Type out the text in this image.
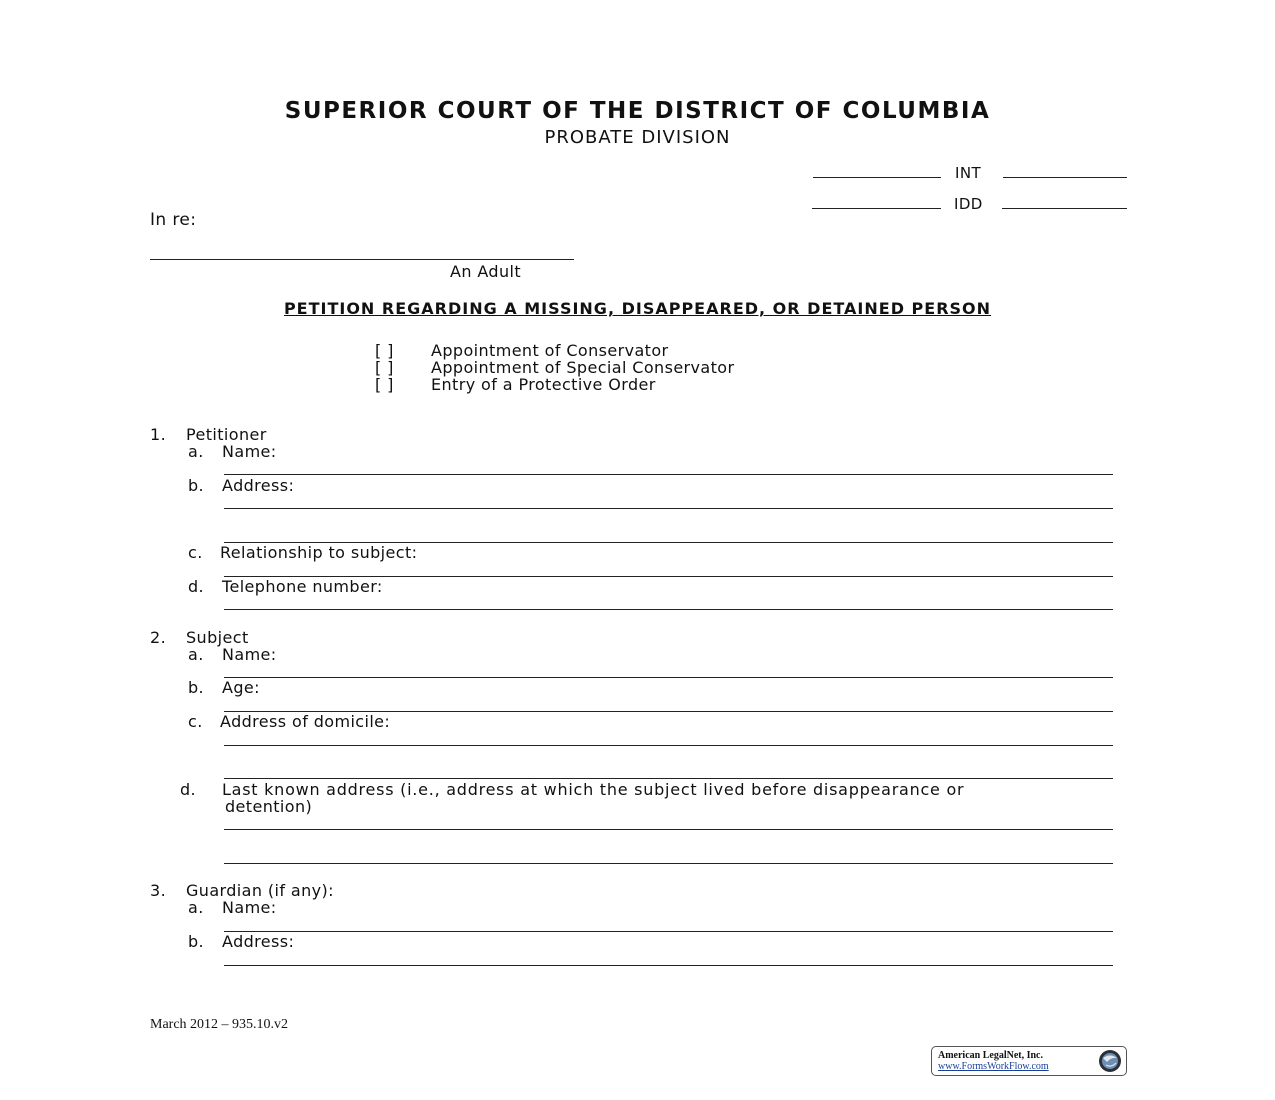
SUPERIOR COURT OF THE DISTRICT OF COLUMBIA
PROBATE DIVISION
INT
IDD
In re:
An Adult
PETITION REGARDING A MISSING, DISAPPEARED, OR DETAINED PERSON
[ ] Appointment of Conservator
[ ] Appointment of Special Conservator
[ ] Entry of a Protective Order
1. Petitioner
a. Name:
b. Address:
c. Relationship to subject:
d. Telephone number:
2. Subject
a. Name:
b. Age:
c. Address of domicile:
d. Last known address (i.e., address at which the subject lived before disappearance or
detention)
3. Guardian (if any):
a. Name:
b. Address:
March 2012 – 935.10.v2
American LegalNet, Inc.
www.FormsWorkFlow.com
